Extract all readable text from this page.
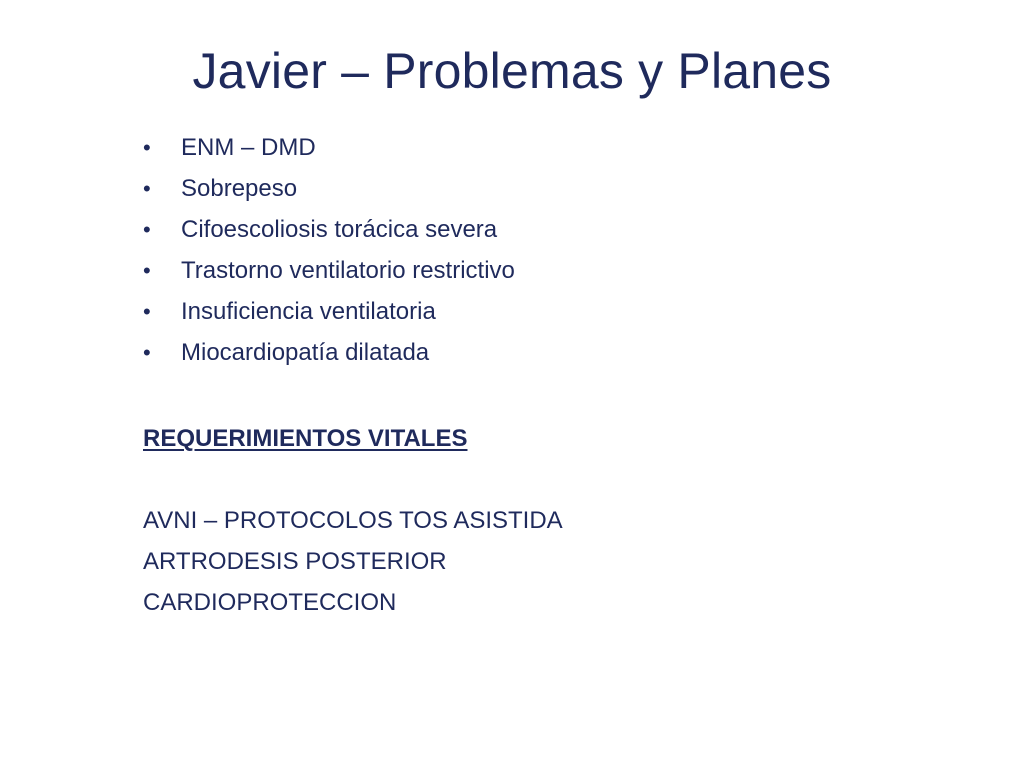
Javier – Problemas y Planes
• ENM – DMD
• Sobrepeso
• Cifoescoliosis torácica severa
• Trastorno ventilatorio restrictivo
• Insuficiencia ventilatoria
• Miocardiopatía dilatada
REQUERIMIENTOS VITALES
AVNI – PROTOCOLOS TOS ASISTIDA
ARTRODESIS POSTERIOR
CARDIOPROTECCION
